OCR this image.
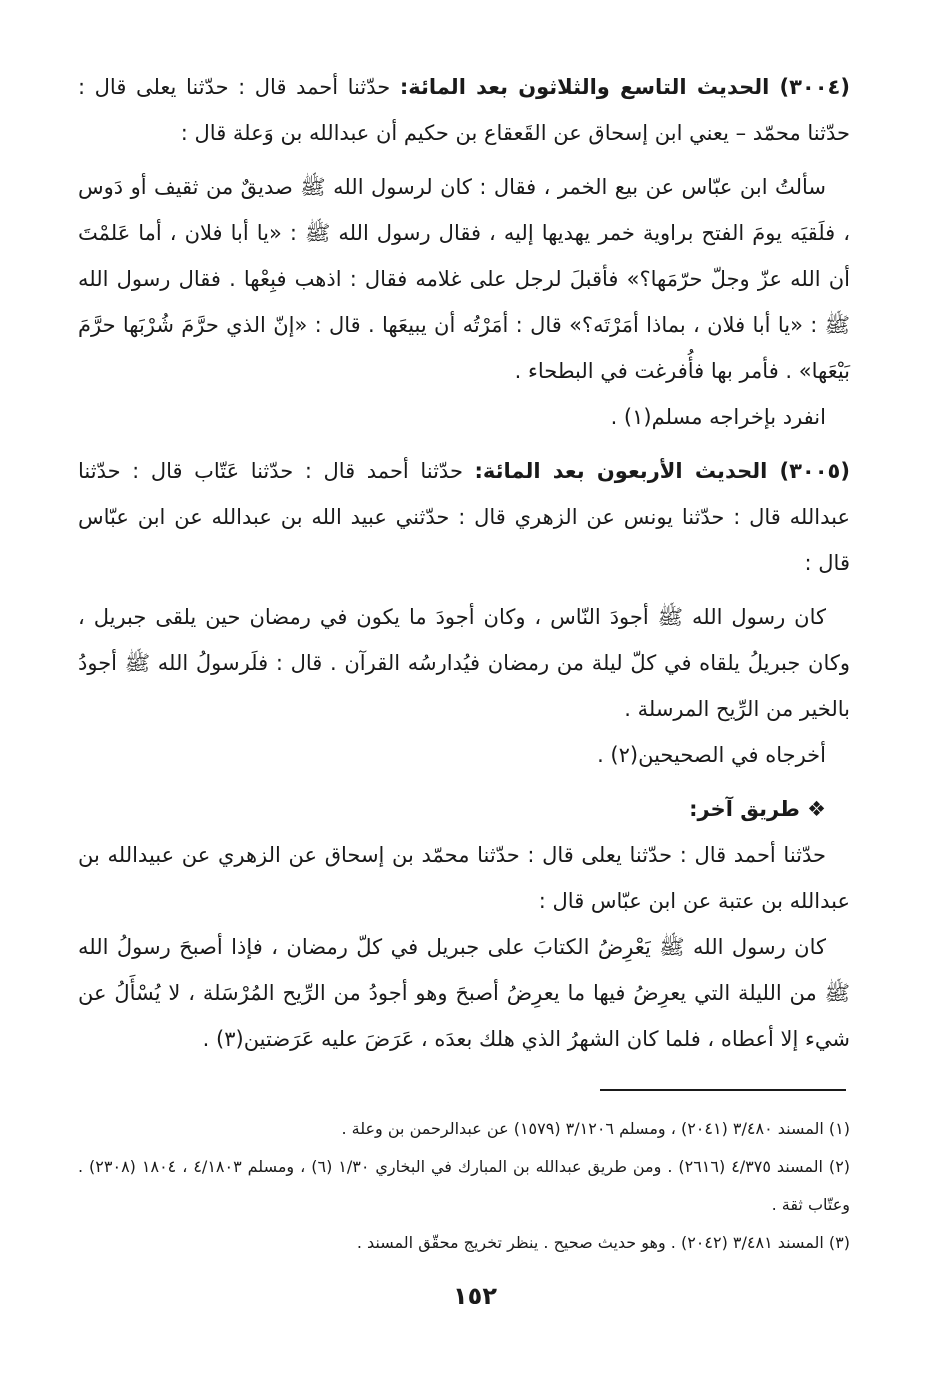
(٣٠٠٤) الحديث التاسع والثلاثون بعد المائة: حدّثنا أحمد قال : حدّثنا يعلى قال : حدّثنا محمّد – يعني ابن إسحاق عن القَعقاع بن حكيم أن عبدالله بن وَعلة قال :

سألتُ ابن عبّاس عن بيع الخمر ، فقال : كان لرسول الله ﷺ صديقٌ من ثقيف أو دَوس ، فلَقيَه يومَ الفتح براوية خمر يهديها إليه ، فقال رسول الله ﷺ : «يا أبا فلان ، أما عَلمْتَ أن الله عزّ وجلّ حرّمَها؟» فأقبلَ لرجل على غلامه فقال : اذهب فبِعْها . فقال رسول الله ﷺ : «يا أبا فلان ، بماذا أمَرْتَه؟» قال : أمَرْتُه أن يبيعَها . قال : «إنّ الذي حرَّمَ شُرْبَها حرَّمَ بَيْعَها» . فأمر بها فأُفرغت في البطحاء .

انفرد بإخراجه مسلم(١) .

(٣٠٠٥) الحديث الأربعون بعد المائة: حدّثنا أحمد قال : حدّثنا عَتّاب قال : حدّثنا عبدالله قال : حدّثنا يونس عن الزهري قال : حدّثني عبيد الله بن عبدالله عن ابن عبّاس قال :

كان رسول الله ﷺ أجودَ النّاس ، وكان أجودَ ما يكون في رمضان حين يلقى جبريل ، وكان جبريلُ يلقاه في كلّ ليلة من رمضان فيُدارسُه القرآن . قال : فلَرسولُ الله ﷺ أجودُ بالخير من الرِّيح المرسلة .

أخرجاه في الصحيحين(٢) .

❖ طريق آخر:

حدّثنا أحمد قال : حدّثنا يعلى قال : حدّثنا محمّد بن إسحاق عن الزهري عن عبيدالله بن عبدالله بن عتبة عن ابن عبّاس قال :

كان رسول الله ﷺ يَعْرِضُ الكتابَ على جبريل في كلّ رمضان ، فإذا أصبحَ رسولُ الله ﷺ من الليلة التي يعرِضُ فيها ما يعرِضُ أصبحَ وهو أجودُ من الرِّيح المُرْسَلة ، لا يُسْأَلُ عن شيء إلا أعطاه ، فلما كان الشهرُ الذي هلك بعدَه ، عَرَضَ عليه عَرَضتين(٣) .

(١) المسند ٣/٤٨٠ (٢٠٤١) ، ومسلم ٣/١٢٠٦ (١٥٧٩) عن عبدالرحمن بن وعلة .

(٢) المسند ٤/٣٧٥ (٢٦١٦) . ومن طريق عبدالله بن المبارك في البخاري ١/٣٠ (٦) ، ومسلم ٤/١٨٠٣ ، ١٨٠٤ (٢٣٠٨) . وعتّاب ثقة .

(٣) المسند ٣/٤٨١ (٢٠٤٢) . وهو حديث صحيح . ينظر تخريج محقّق المسند .

١٥٢
